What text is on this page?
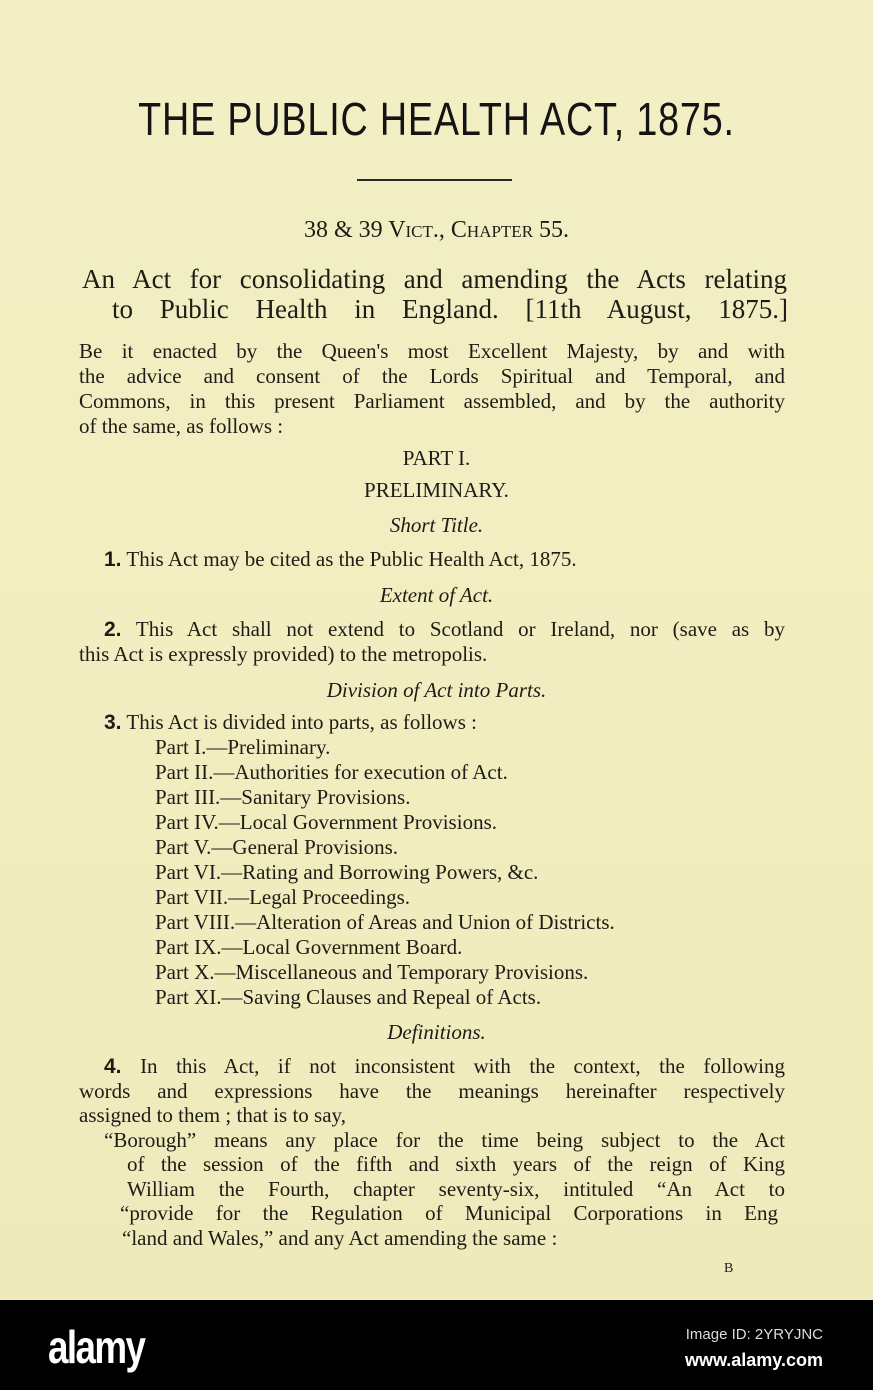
THE PUBLIC HEALTH ACT, 1875.
38 & 39 Vict., Chapter 55.
An Act for consolidating and amending the Acts relating
to Public Health in England. [11th August, 1875.]
Be it enacted by the Queen's most Excellent Majesty, by and with
the advice and consent of the Lords Spiritual and Temporal, and
Commons, in this present Parliament assembled, and by the authority
of the same, as follows :
PART I.
PRELIMINARY.
Short Title.
1. This Act may be cited as the Public Health Act, 1875.
Extent of Act.
2. This Act shall not extend to Scotland or Ireland, nor (save as by
this Act is expressly provided) to the metropolis.
Division of Act into Parts.
3. This Act is divided into parts, as follows :
Part I.—Preliminary.
Part II.—Authorities for execution of Act.
Part III.—Sanitary Provisions.
Part IV.—Local Government Provisions.
Part V.—General Provisions.
Part VI.—Rating and Borrowing Powers, &c.
Part VII.—Legal Proceedings.
Part VIII.—Alteration of Areas and Union of Districts.
Part IX.—Local Government Board.
Part X.—Miscellaneous and Temporary Provisions.
Part XI.—Saving Clauses and Repeal of Acts.
Definitions.
4. In this Act, if not inconsistent with the context, the following
words and expressions have the meanings hereinafter respectively
assigned to them ; that is to say,
“Borough” means any place for the time being subject to the Act
of the session of the fifth and sixth years of the reign of King
William the Fourth, chapter seventy-six, intituled “An Act to
“provide for the Regulation of Municipal Corporations in Eng
“land and Wales,” and any Act amending the same :
B
alamy	Image ID: 2YRYJNC
www.alamy.com
